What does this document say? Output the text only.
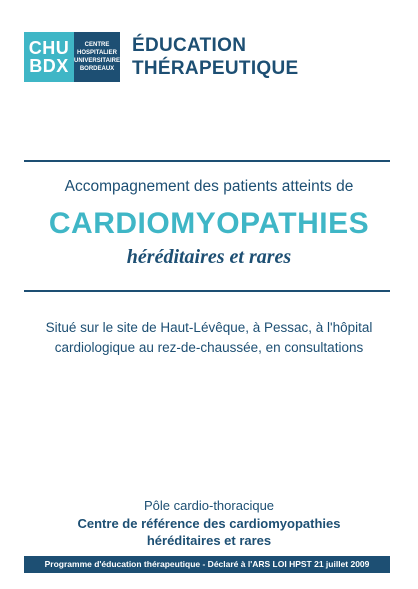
CHU
BDX
CENTRE
HOSPITALIER
UNIVERSITAIRE
BORDEAUX
ÉDUCATION
THÉRAPEUTIQUE
Accompagnement des patients atteints de
CARDIOMYOPATHIES
héréditaires et rares
Situé sur le site de Haut-Lévêque, à Pessac, à l'hôpital cardiologique au rez-de-chaussée, en consultations
Pôle cardio-thoracique
Centre de référence des cardiomyopathies
héréditaires et rares
Programme d'éducation thérapeutique - Déclaré à l'ARS LOI HPST 21 juillet 2009
